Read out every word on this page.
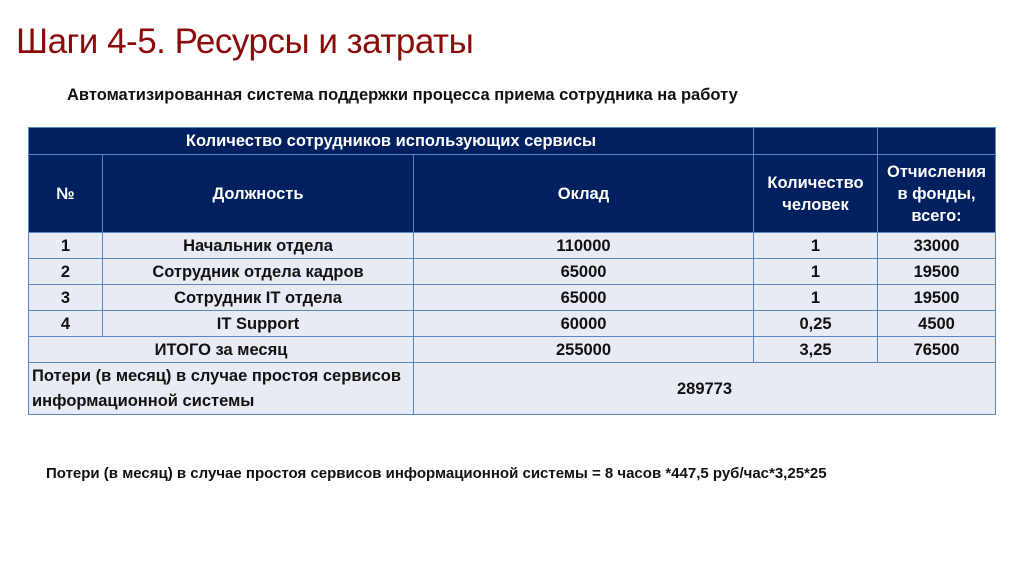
Шаги 4-5. Ресурсы и затраты
Автоматизированная система поддержки процесса приема сотрудника на работу
Количество сотрудников использующих сервисы				
№	Должность	Оклад	Количество человек	Отчисления в фонды, всего:
1	Начальник отдела	110000	1	33000
2	Сотрудник отдела кадров	65000	1	19500
3	Сотрудник IT отдела	65000	1	19500
4	IT Support	60000	0,25	4500
ИТОГО за месяц		255000	3,25	76500
Потери (в месяц) в случае простоя сервисов информационной системы		289773		
Потери (в месяц) в случае простоя сервисов информационной системы = 8 часов *447,5 руб/час*3,25*25
